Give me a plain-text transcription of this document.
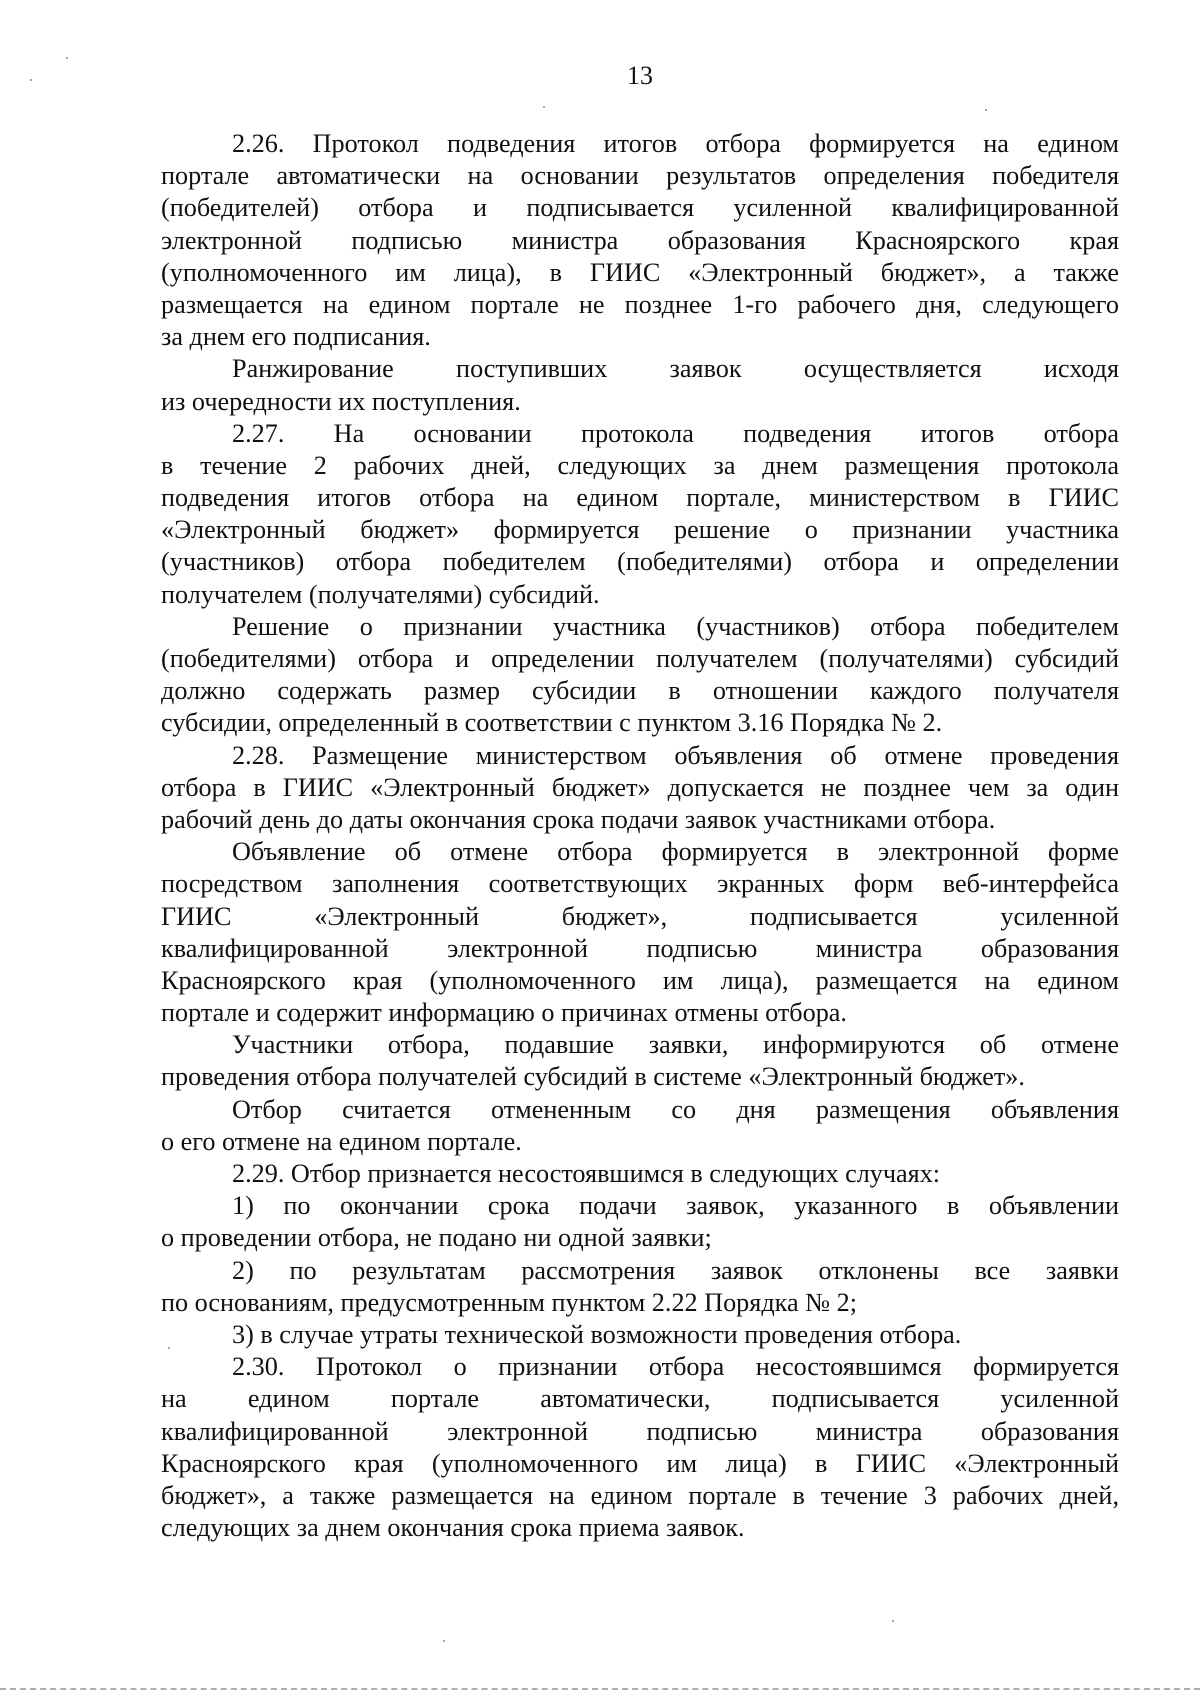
13
2.26. Протокол подведения итогов отбора формируется на едином
портале автоматически на основании результатов определения победителя
(победителей) отбора и подписывается усиленной квалифицированной
электронной подписью министра образования Красноярского края
(уполномоченного им лица), в ГИИС «Электронный бюджет», а также
размещается на едином портале не позднее 1-го рабочего дня, следующего
за днем его подписания.
Ранжирование поступивших заявок осуществляется исходя
из очередности их поступления.
2.27. На основании протокола подведения итогов отбора
в течение 2 рабочих дней, следующих за днем размещения протокола
подведения итогов отбора на едином портале, министерством в ГИИС
«Электронный бюджет» формируется решение о признании участника
(участников) отбора победителем (победителями) отбора и определении
получателем (получателями) субсидий.
Решение о признании участника (участников) отбора победителем
(победителями) отбора и определении получателем (получателями) субсидий
должно содержать размер субсидии в отношении каждого получателя
субсидии, определенный в соответствии с пунктом 3.16 Порядка № 2.
2.28. Размещение министерством объявления об отмене проведения
отбора в ГИИС «Электронный бюджет» допускается не позднее чем за один
рабочий день до даты окончания срока подачи заявок участниками отбора.
Объявление об отмене отбора формируется в электронной форме
посредством заполнения соответствующих экранных форм веб-интерфейса
ГИИС «Электронный бюджет», подписывается усиленной
квалифицированной электронной подписью министра образования
Красноярского края (уполномоченного им лица), размещается на едином
портале и содержит информацию о причинах отмены отбора.
Участники отбора, подавшие заявки, информируются об отмене
проведения отбора получателей субсидий в системе «Электронный бюджет».
Отбор считается отмененным со дня размещения объявления
о его отмене на едином портале.
2.29. Отбор признается несостоявшимся в следующих случаях:
1) по окончании срока подачи заявок, указанного в объявлении
о проведении отбора, не подано ни одной заявки;
2) по результатам рассмотрения заявок отклонены все заявки
по основаниям, предусмотренным пунктом 2.22 Порядка № 2;
3) в случае утраты технической возможности проведения отбора.
2.30. Протокол о признании отбора несостоявшимся формируется
на едином портале автоматически, подписывается усиленной
квалифицированной электронной подписью министра образования
Красноярского края (уполномоченного им лица) в ГИИС «Электронный
бюджет», а также размещается на едином портале в течение 3 рабочих дней,
следующих за днем окончания срока приема заявок.
